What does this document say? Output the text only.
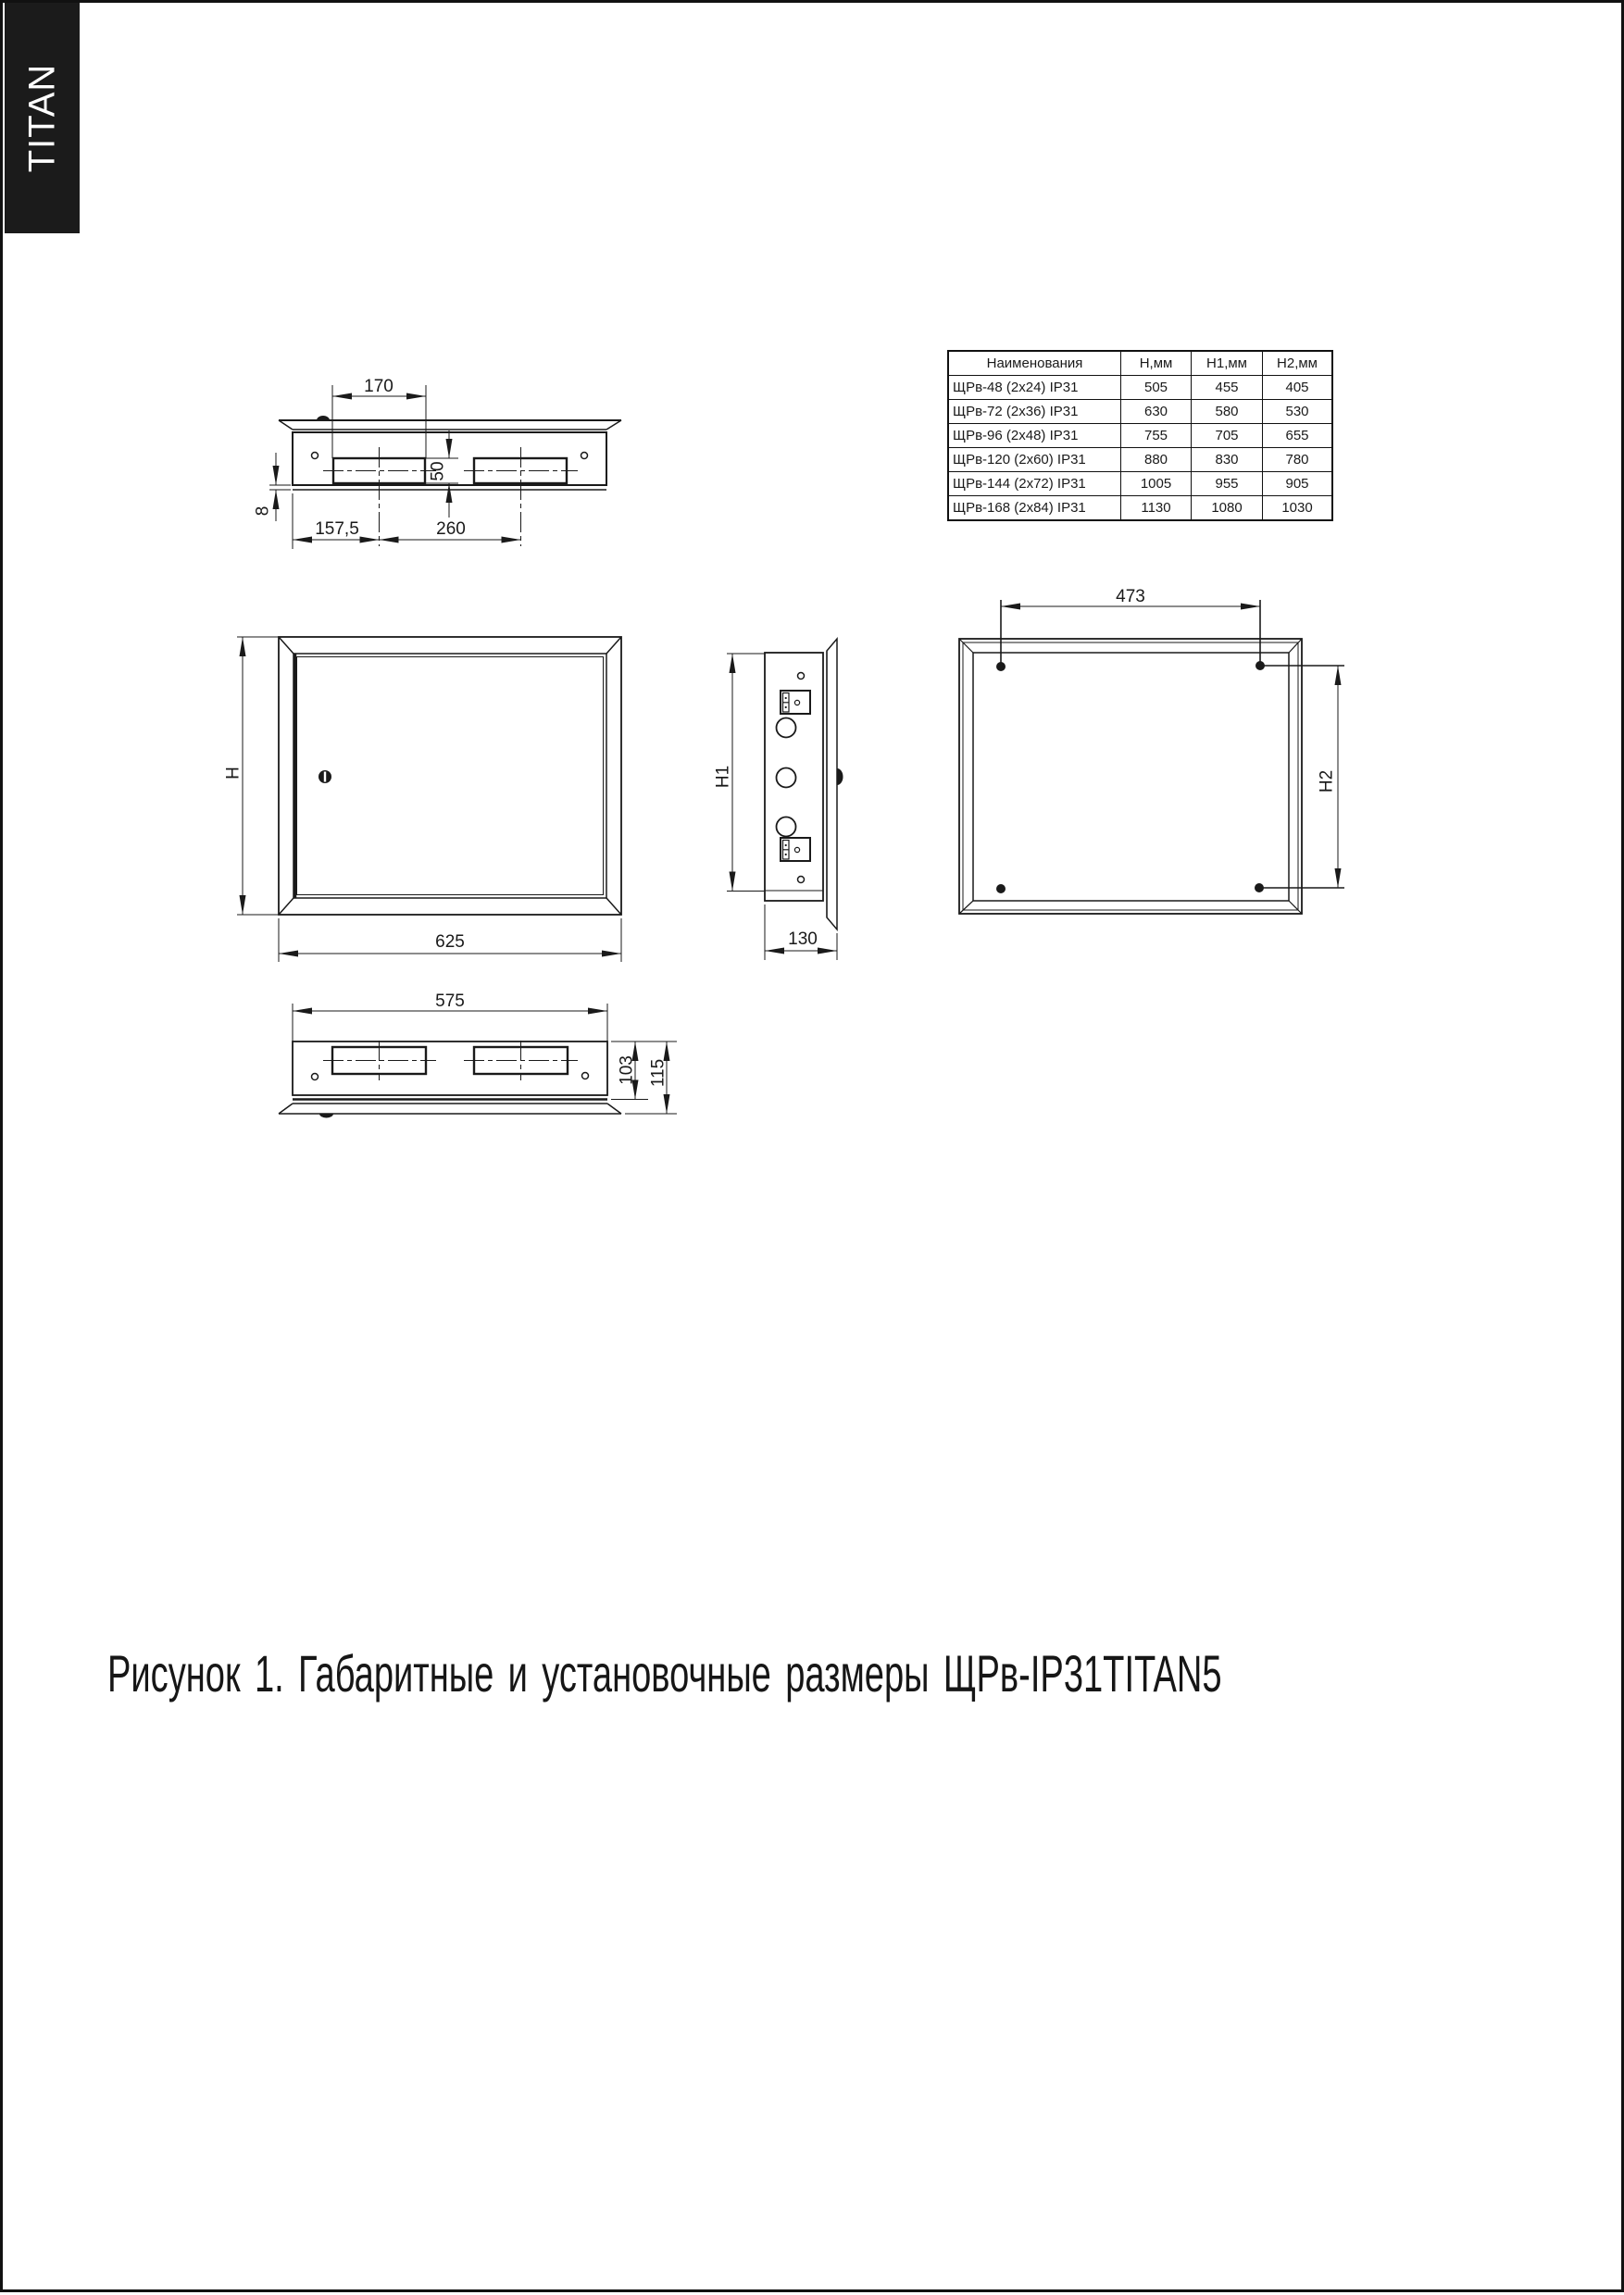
TITAN
170
50
8
157,5	260
H
625
H1
130
473
H2
575
103 115
Наименования	Н,мм	Н1,мм	Н2,мм
ЩРв-48 (2х24) IP31	505	455	405
ЩРв-72 (2х36) IP31	630	580	530
ЩРв-96 (2х48) IP31	755	705	655
ЩРв-120 (2х60) IP31	880	830	780
ЩРв-144 (2х72) IP31	1005	955	905
ЩРв-168 (2х84) IP31	1130	1080	1030
Рисунок 1. Габаритные и установочные размеры ЩРв-IP31TITAN5
